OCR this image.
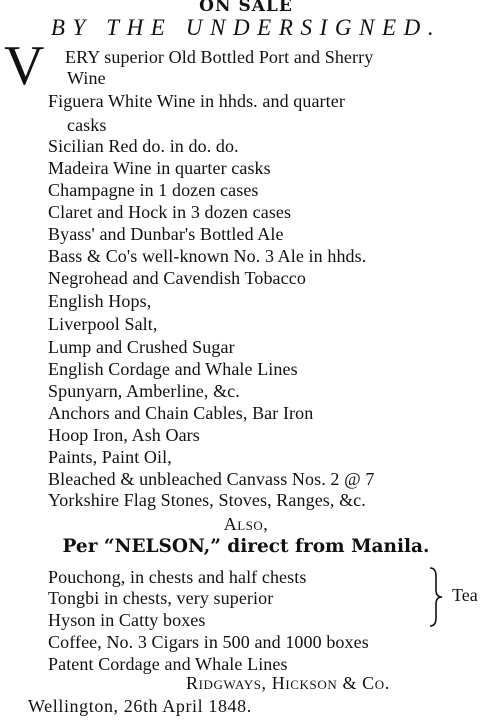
ON SALE
BY THE UNDERSIGNED.
V ERY superior Old Bottled Port and Sherry
Wine
Figuera White Wine in hhds. and quarter
casks
Sicilian Red do. in do. do.
Madeira Wine in quarter casks
Champagne in 1 dozen cases
Claret and Hock in 3 dozen cases
Byass' and Dunbar's Bottled Ale
Bass & Co's well-known No. 3 Ale in hhds.
Negrohead and Cavendish Tobacco
English Hops,
Liverpool Salt,
Lump and Crushed Sugar
English Cordage and Whale Lines
Spunyarn, Amberline, &c.
Anchors and Chain Cables, Bar Iron
Hoop Iron, Ash Oars
Paints, Paint Oil,
Bleached & unbleached Canvass Nos. 2 @ 7
Yorkshire Flag Stones, Stoves, Ranges, &c.
Also,
Per “NELSON,” direct from Manila.
Pouchong, in chests and half chests
Tongbi in chests, very superior
Hyson in Catty boxes
Coffee, No. 3 Cigars in 500 and 1000 boxes
Patent Cordage and Whale Lines
Tea
Ridgways, Hickson & Co.
Wellington, 26th April 1848.
